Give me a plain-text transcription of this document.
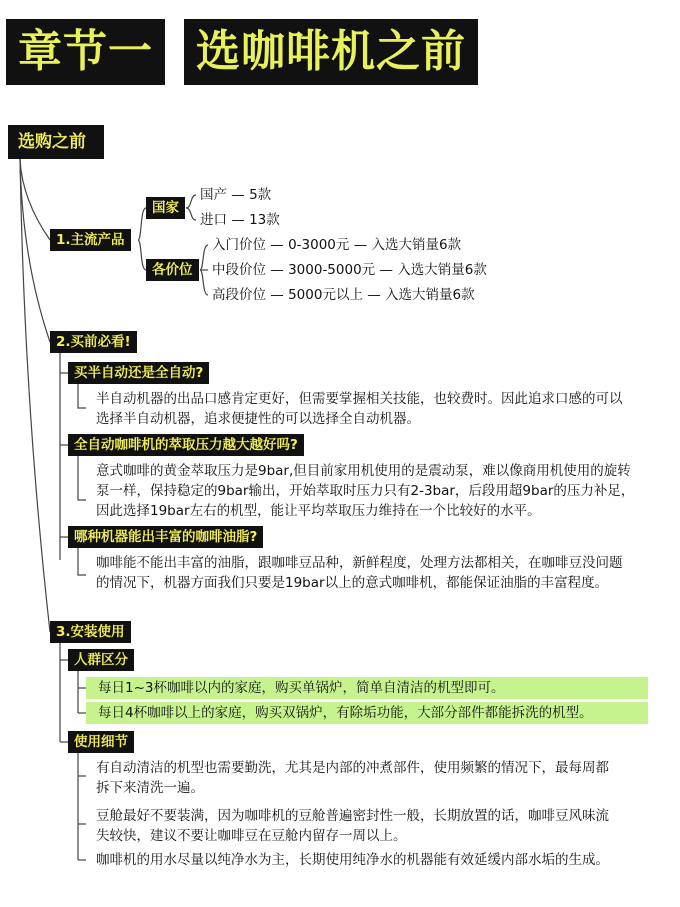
章节一 选咖啡机之前
选购之前
1.主流产品
国家
国产 — 5款
进口 — 13款
各价位
入门价位 — 0-3000元 — 入选大销量6款
中段价位 — 3000-5000元 — 入选大销量6款
高段价位 — 5000元以上 — 入选大销量6款
2.买前必看!
买半自动还是全自动?
半自动机器的出品口感肯定更好，但需要掌握相关技能，也较费时。因此追求口感的可以
选择半自动机器，追求便捷性的可以选择全自动机器。
全自动咖啡机的萃取压力越大越好吗?
意式咖啡的黄金萃取压力是9bar,但目前家用机使用的是震动泵，难以像商用机使用的旋转
泵一样，保持稳定的9bar输出，开始萃取时压力只有2-3bar，后段用超9bar的压力补足，
因此选择19bar左右的机型，能让平均萃取压力维持在一个比较好的水平。
哪种机器能出丰富的咖啡油脂?
咖啡能不能出丰富的油脂，跟咖啡豆品种，新鲜程度，处理方法都相关，在咖啡豆没问题
的情况下，机器方面我们只要是19bar以上的意式咖啡机，都能保证油脂的丰富程度。
3.安装使用
人群区分
每日1~3杯咖啡以内的家庭，购买单锅炉，简单自清洁的机型即可。
每日4杯咖啡以上的家庭，购买双锅炉，有除垢功能，大部分部件都能拆洗的机型。
使用细节
有自动清洁的机型也需要勤洗，尤其是内部的冲煮部件，使用频繁的情况下，最每周都
拆下来清洗一遍。
豆舱最好不要装满，因为咖啡机的豆舱普遍密封性一般，长期放置的话，咖啡豆风味流
失较快，建议不要让咖啡豆在豆舱内留存一周以上。
咖啡机的用水尽量以纯净水为主，长期使用纯净水的机器能有效延缓内部水垢的生成。
